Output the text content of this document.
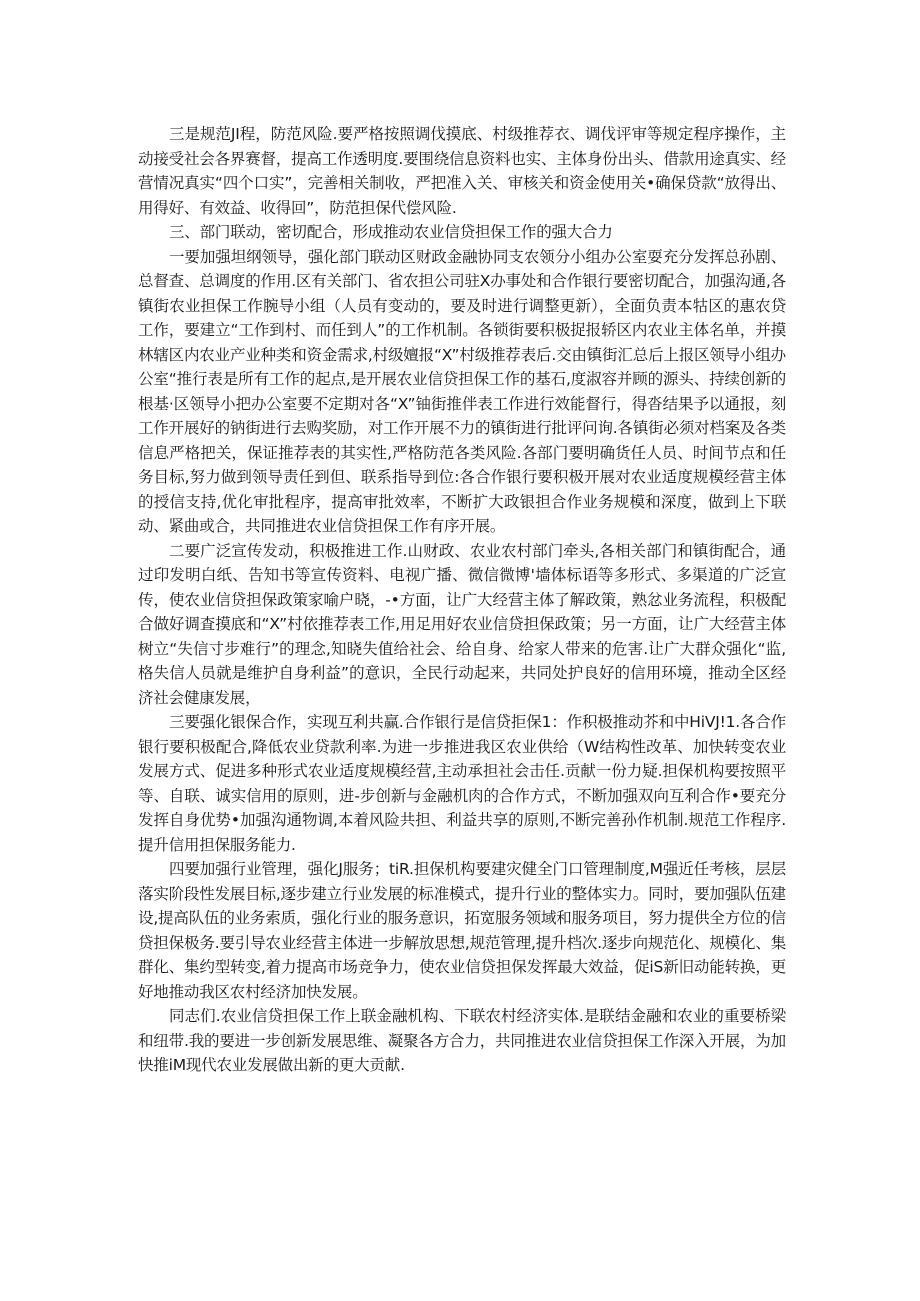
三是规范JI程，防范风险.要严格按照调伐摸底、村级推荐衣、调伐评审等规定程序操作，主动接受社会各界赛督，提高工作透明度.要围绕信息资料也实、主体身份出头、借款用途真实、经营情况真实“四个口实”，完善相关制收，严把准入关、审核关和资金使用关•确保贷款“放得出、用得好、有效益、收得回”，防范担保代偿风险.

三、部门联动，密切配合，形成推动农业信贷担保工作的强大合力

一要加强坦纲领导，强化部门联动区财政金融协同支农领分小组办公室耍充分发挥总孙剧、总督查、总调度的作用.区有关部门、省农担公司驻X办事处和合作银行要密切配合，加强沟通,各镇街农业担保工作腕导小组（人员有变动的，要及时进行调整更新），全面负责本牯区的惠农贷工作，要建立“工作到村、而任到人”的工作机制。各锁街要积极捉报轿区内农业主体名单，并摸林辖区内农业产业种类和资金需求,村级嬗报“X”村级推荐表后.交由镇街汇总后上报区领导小组办公室“推行表是所有工作的起点,是开展农业信贷担保工作的基石,度淑容并顾的源头、持续创新的根基·区领导小把办公室要不定期对各“X”铀街推伴表工作进行效能督行，得沓结果予以通报，刻工作开展好的钠街进行去购奖励，对工作开展不力的镇街进行批评问询.各镇街必须对档案及各类信息严格把关，保证推荐表的其实性,严格防范各类风险.各部门要明确货任人员、时间节点和任务目标,努力做到领导责任到但、联系指导到位:各合作银行要积极开展对农业适度规模经营主体的授信支持,优化审批程序，提高审批效率，不断扩大政银担合作业务规模和深度，做到上下联动、紧曲或合，共同推进农业信贷担保工作有序开展。

二要广泛宣传发动，积极推进工作.山财政、农业农村部门牵头,各相关部门和镇街配合，通过印发明白纸、告知书等宣传资料、电视广播、微信微博'墙体标语等多形式、多渠道的广泛宣传，使农业信贷担保政策家喻户晓，-•方面，让广大经营主体了解政策，熟忿业务流程，积极配合做好调査摸底和“X”村依推荐表工作,用足用好农业信贷担保政策；另一方面，让广大经营主体树立“失信寸步难行”的理念,知晓失值给社会、给自身、给家人带来的危害.让广大群众强化“监,格失信人员就是维护自身利益”的意识，全民行动起来，共同处护良好的信用环境，推动全区经济社会健康发展，

三要强化银保合作，实现互利共赢.合作银行是信贷拒保1：作积极推动芥和中HiVJ!1.各合作银行要积极配合,降低农业贷款利率.为进一步推进我区农业供给（W结构性改革、加快转变农业发展方式、促进多种形式农业适度规模经营,主动承担社会击任.贡献一份力疑.担保机构要按照平等、自联、诚实信用的原则，进-步创新与金融机肉的合作方式，不断加强双向互利合作•要充分发挥自身优势•加强沟通物调,本着风险共担、利益共享的原则,不断完善孙作机制.规范工作程序.提升信用担保服务能力.

四要加强行业管理，强化J服务；tiR.担保机构要建灾健全门口管理制度,M强近任考核，层层落实阶段性发展目标,逐步建立行业发展的标准模式，提升行业的整体实力。同时，要加强队伍建设,提高队伍的业务索质，强化行业的服务意识，拓宽服务领域和服务项目，努力提供全方位的信贷担保极务.要引导农业经营主体进一步解放思想,规范管理,提升档次.逐步向规范化、规模化、集群化、集约型转变,着力提高市场竞争力，使农业信贷担保发挥最大效益，促iS新旧动能转换，更好地推动我区农村经济加快发展。

同志们.农业信贷担保工作上联金融机构、下联农村经济实体.是联结金融和农业的重要桥梁和纽带.我的要进一步创新发展思维、凝聚各方合力，共同推进农业信贷担保工作深入开展，为加快推iM现代农业发展做出新的更大贡献.
